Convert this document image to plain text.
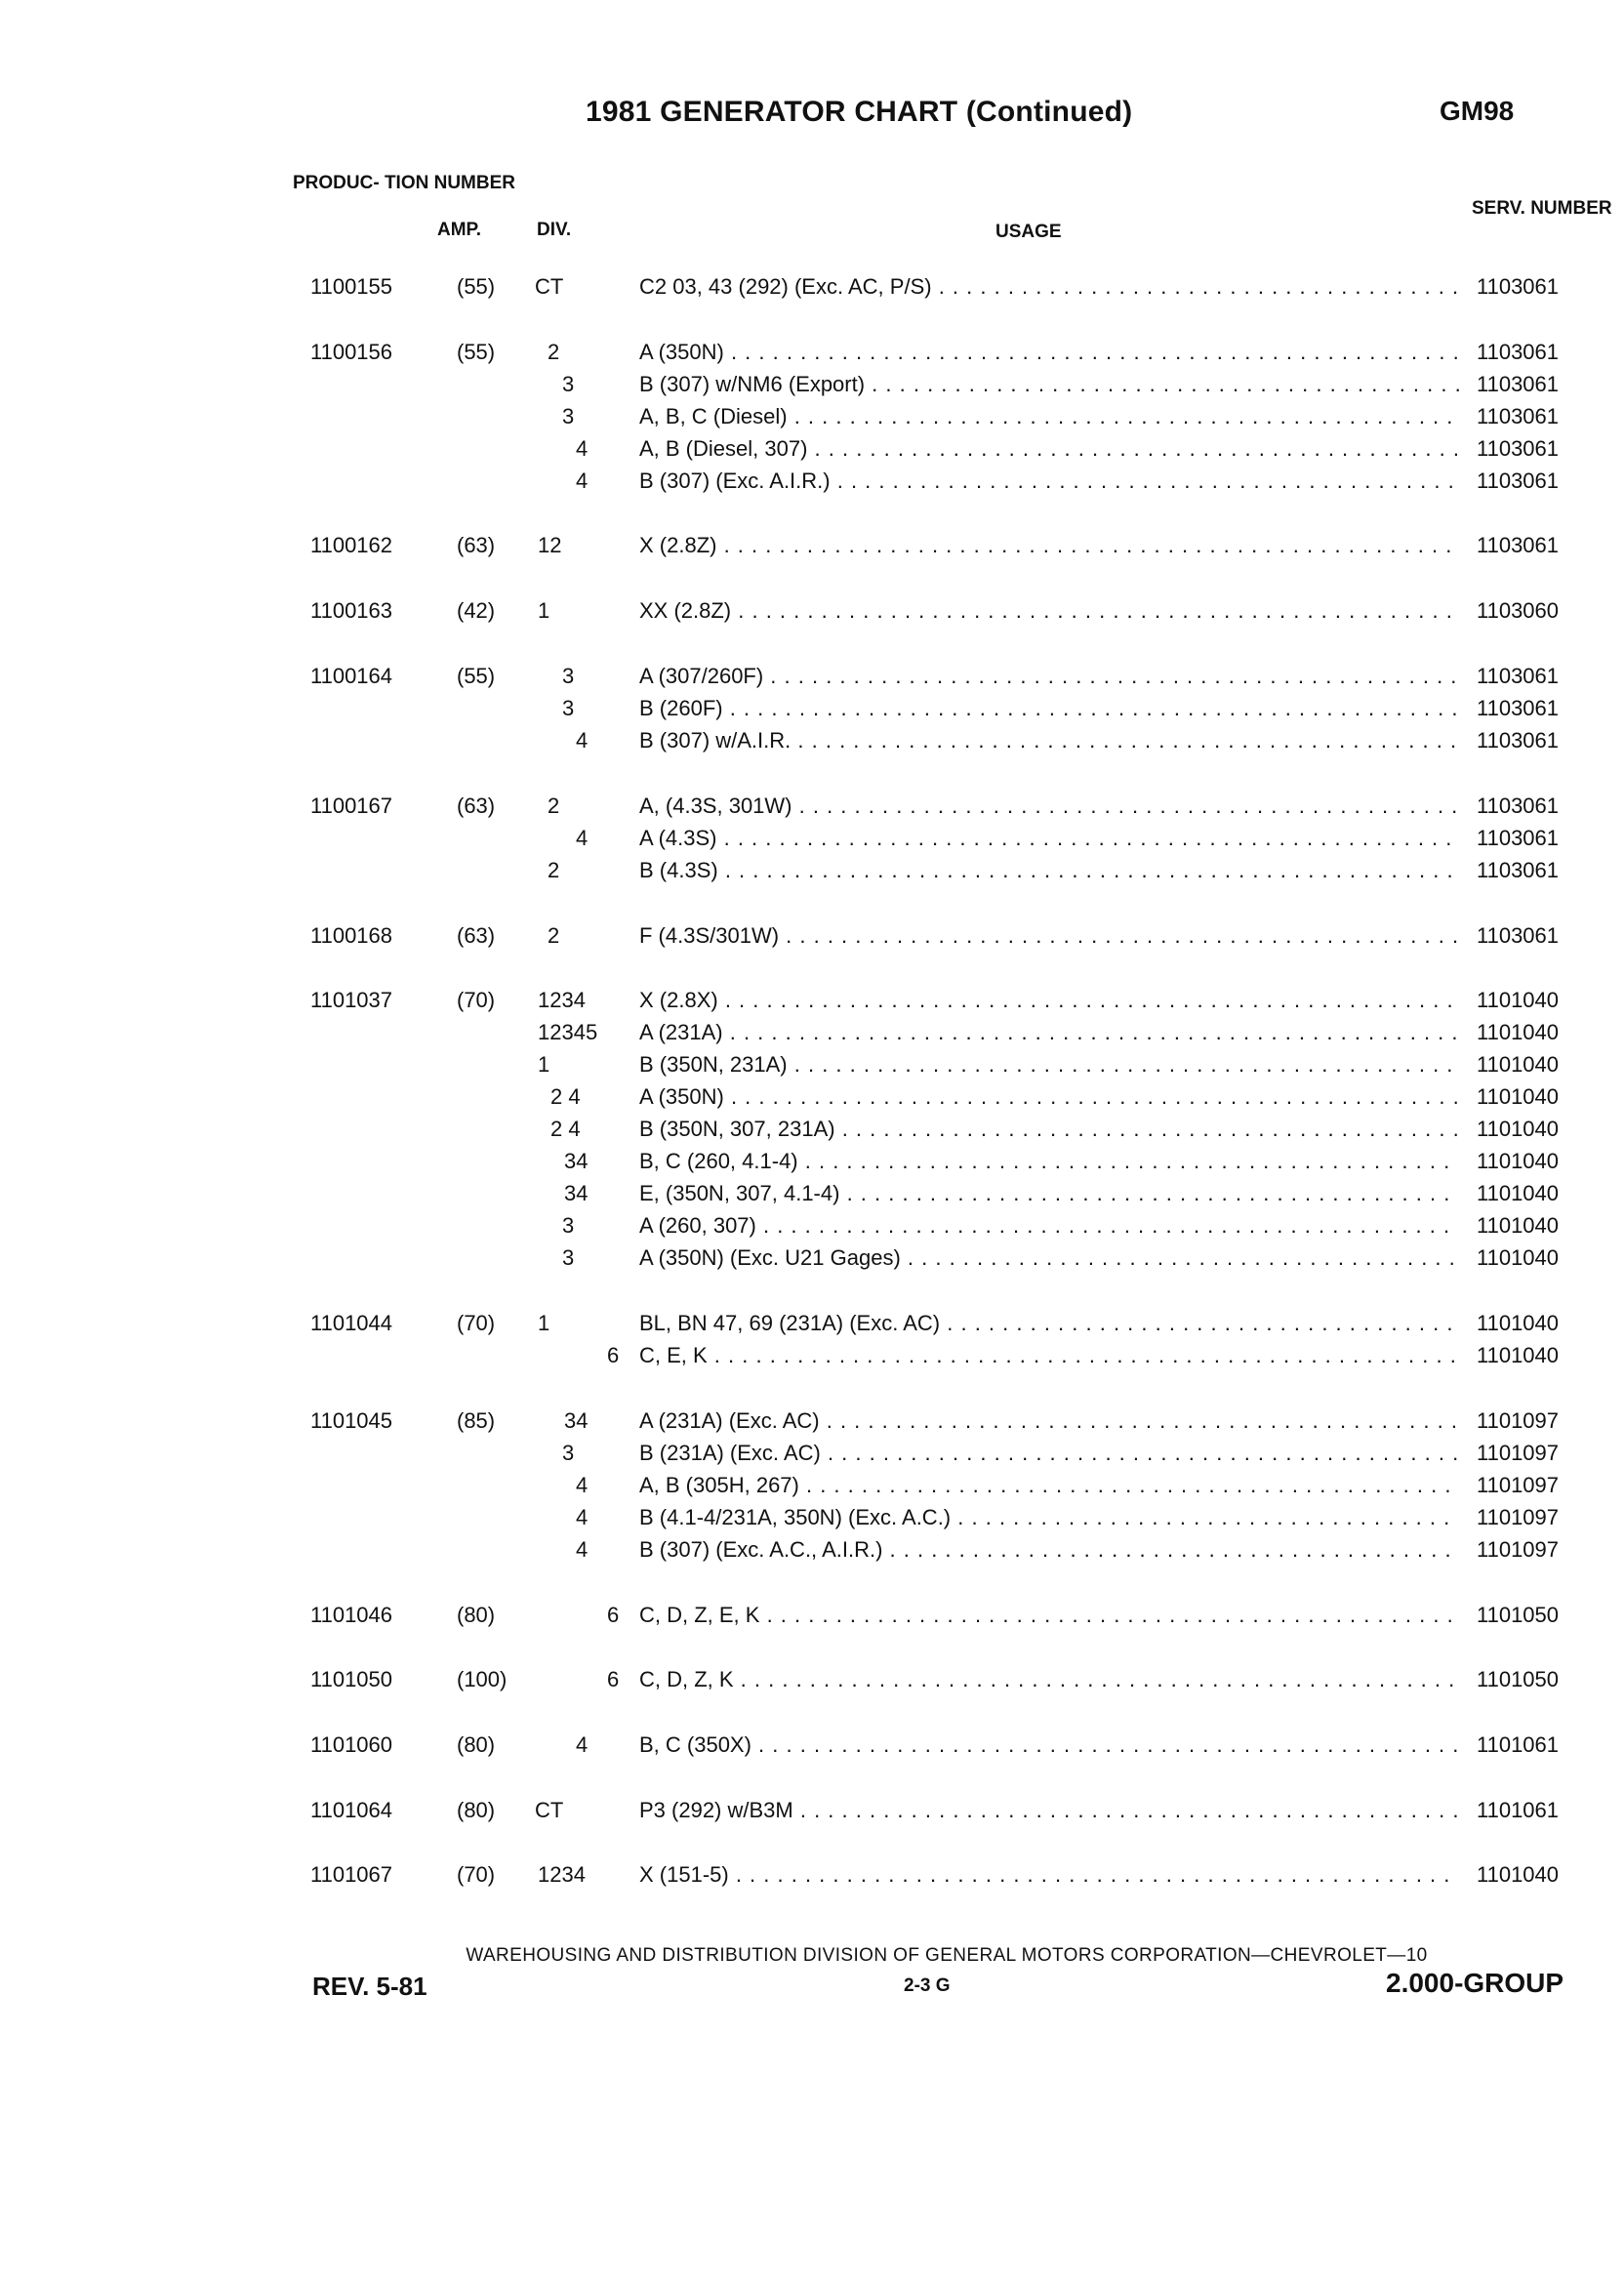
1981 GENERATOR CHART (Continued)	GM98
PRODUC- TION NUMBER
AMP.	DIV.	USAGE
SERV. NUMBER
1100155	(55) CT	C2 03, 43 (292) (Exc. AC, P/S) . . .	1103061
1100156	(55) 2	A (350N) . . .	1103061
3	B (307) w/NM6 (Export) . . .	1103061
3	A, B, C (Diesel) . . .	1103061
4 A, B (Diesel, 307) . . .	1103061
4 B (307) (Exc. A.I.R.) . . .	1103061
1100162	(63) 12	X (2.8Z) . . .	1103061
1100163	(42) 1	XX (2.8Z) . . .	1103060
1100164	(55)	3	A (307/260F) . . .	1103061
3	B (260F) . . .	1103061
4 B (307) w/A.I.R. . . .	1103061
1100167	(63) 2	A, (4.3S, 301W) . . .	1103061
4 A (4.3S) . . .	1103061
2	B (4.3S) . . .	1103061
1100168	(63) 2	F (4.3S/301W) . . .	1103061
1101037	(70) 1234	X (2.8X) . . .	1101040
12345 A (231A) . . .	1101040
1	B (350N, 231A) . . .	1101040
2 4	A (350N) . . .	1101040
2 4	B (350N, 307, 231A) . . .	1101040
34 B, C (260, 4.1-4) . . .	1101040
34 E, (350N, 307, 4.1-4) . . .	1101040
3	A (260, 307) . . .	1101040
3	A (350N) (Exc. U21 Gages) . . .	1101040
1101044	(70) 1	BL, BN 47, 69 (231A) (Exc. AC) . . .	1101040
6 C, E, K . . .	1101040
1101045	(85)	34 A (231A) (Exc. AC) . . .	1101097
3	B (231A) (Exc. AC) . . .	1101097
4 A, B (305H, 267) . . .	1101097
4 B (4.1-4/231A, 350N) (Exc. A.C.) . . .	1101097
4 B (307) (Exc. A.C., A.I.R.) . . .	1101097
1101046	(80)	6 C, D, Z, E, K . . .	1101050
1101050	(100)	6 C, D, Z, K . . .	1101050
1101060	(80)	4 B, C (350X) . . .	1101061
1101064	(80) CT	P3 (292) w/B3M . . .	1101061
1101067	(70) 1234	X (151-5) . . .	1101040
WAREHOUSING AND DISTRIBUTION DIVISION OF GENERAL MOTORS CORPORATION—CHEVROLET—10
REV. 5-81	2-3 G	2.000-GROUP
